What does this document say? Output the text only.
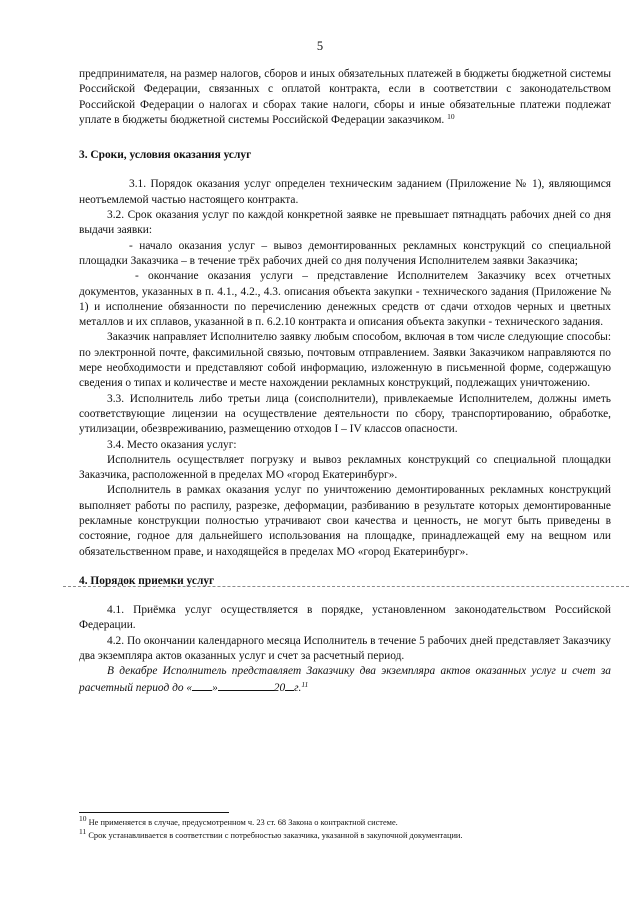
5

предпринимателя, на размер налогов, сборов и иных обязательных платежей в бюджеты бюджетной системы Российской Федерации, связанных с оплатой контракта, если в соответствии с законодательством Российской Федерации о налогах и сборах такие налоги, сборы и иные обязательные платежи подлежат уплате в бюджеты бюджетной системы Российской Федерации заказчиком. $^{10}$

3. Сроки, условия оказания услуг

3.1. Порядок оказания услуг определен техническим заданием (Приложение № 1), являющимся неотъемлемой частью настоящего контракта.

3.2. Срок оказания услуг по каждой конкретной заявке не превышает пятнадцать рабочих дней со дня выдачи заявки:

- начало оказания услуг – вывоз демонтированных рекламных конструкций со специальной площадки Заказчика – в течение трёх рабочих дней со дня получения Исполнителем заявки Заказчика;

- окончание оказания услуги – представление Исполнителем Заказчику всех отчетных документов, указанных в п. 4.1., 4.2., 4.3. описания объекта закупки - технического задания (Приложение № 1) и исполнение обязанности по перечислению денежных средств от сдачи отходов черных и цветных металлов и их сплавов, указанной в п. 6.2.10 контракта и описания объекта закупки - технического задания.

Заказчик направляет Исполнителю заявку любым способом, включая в том числе следующие способы: по электронной почте, факсимильной связью, почтовым отправлением. Заявки Заказчиком направляются по мере необходимости и представляют собой информацию, изложенную в письменной форме, содержащую сведения о типах и количестве и месте нахождении рекламных конструкций, подлежащих уничтожению.

3.3. Исполнитель либо третьи лица (соисполнители), привлекаемые Исполнителем, должны иметь соответствующие лицензии на осуществление деятельности по сбору, транспортированию, обработке, утилизации, обезвреживанию, размещению отходов I – IV классов опасности.

3.4. Место оказания услуг:

Исполнитель осуществляет погрузку и вывоз рекламных конструкций со специальной площадки Заказчика, расположенной в пределах МО «город Екатеринбург».

Исполнитель в рамках оказания услуг по уничтожению демонтированных рекламных конструкций выполняет работы по распилу, разрезке, деформации, разбиванию в результате которых демонтированные рекламные конструкции полностью утрачивают свои качества и ценность, не могут быть приведены в состояние, годное для дальнейшего использования на площадке, принадлежащей ему на вещном или обязательственном праве, и находящейся в пределах МО «город Екатеринбург».

4. Порядок приемки услуг

4.1. Приёмка услуг осуществляется в порядке, установленном законодательством Российской Федерации.

4.2. По окончании календарного месяца Исполнитель в течение 5 рабочих дней представляет Заказчику два экземпляра актов оказанных услуг и счет за расчетный период.

В декабре Исполнитель представляет Заказчику два экземпляра актов оказанных услуг и счет за расчетный период до « »	20 г.$^{11}$

$^{10}$ Не применяется в случае, предусмотренном ч. 23 ст. 68 Закона о контрактной системе.
$^{11}$ Срок устанавливается в соответствии с потребностью заказчика, указанной в закупочной документации.
